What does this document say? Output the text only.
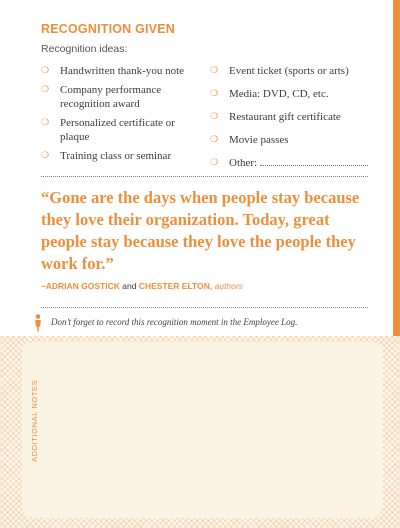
RECOGNITION GIVEN
Recognition ideas:
❍ Handwritten thank-you note
❍ Company performance recognition award
❍ Personalized certificate or plaque
❍ Training class or seminar
❍ Event ticket (sports or arts)
❍ Media: DVD, CD, etc.
❍ Restaurant gift certificate
❍ Movie passes
❍ Other:
“Gone are the days when people stay because they love their organization. Today, great people stay because they love the people they work for.”
–ADRIAN GOSTICK and CHESTER ELTON, authors
Don’t forget to record this recognition moment in the Employee Log.
ADDITIONAL NOTES
